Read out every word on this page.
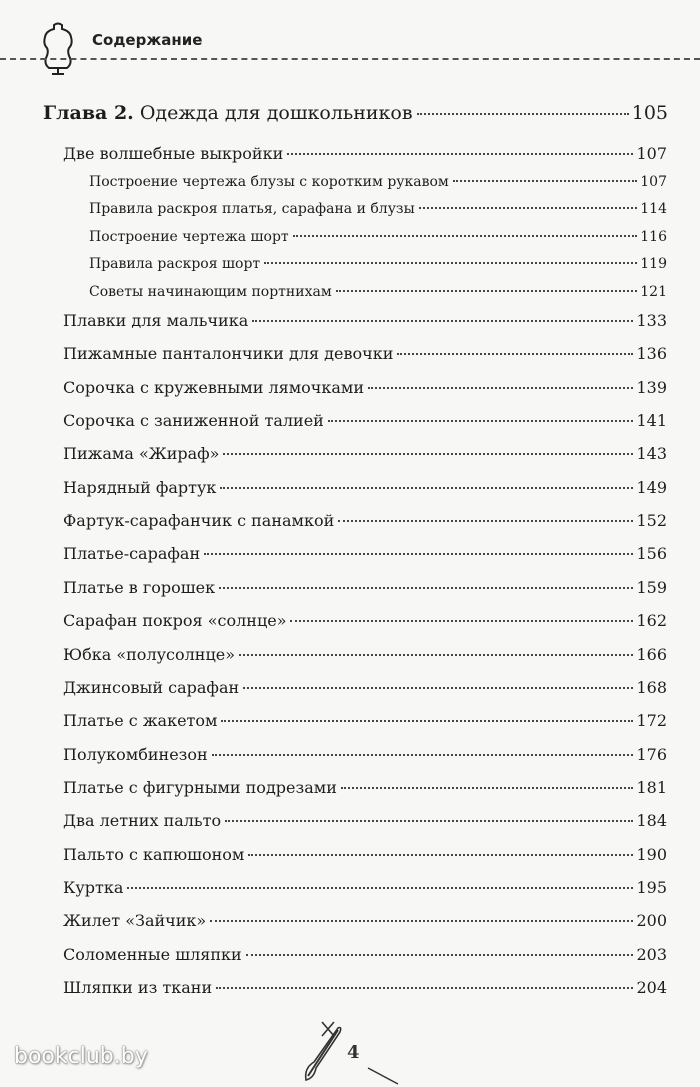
Содержание
Глава 2. Одежда для дошкольников	105
Две волшебные выкройки	107
Построение чертежа блузы с коротким рукавом	107
Правила раскроя платья, сарафана и блузы	114
Построение чертежа шорт	116
Правила раскроя шорт	119
Советы начинающим портнихам	121
Плавки для мальчика	133
Пижамные панталончики для девочки	136
Сорочка с кружевными лямочками	139
Сорочка с заниженной талией	141
Пижама «Жираф»	143
Нарядный фартук	149
Фартук-сарафанчик с панамкой	152
Платье-сарафан	156
Платье в горошек	159
Сарафан покроя «солнце»	162
Юбка «полусолнце»	166
Джинсовый сарафан	168
Платье с жакетом	172
Полукомбинезон	176
Платье с фигурными подрезами	181
Два летних пальто	184
Пальто с капюшоном	190
Куртка	195
Жилет «Зайчик»	200
Соломенные шляпки	203
Шляпки из ткани	204
4
bookclub.by
